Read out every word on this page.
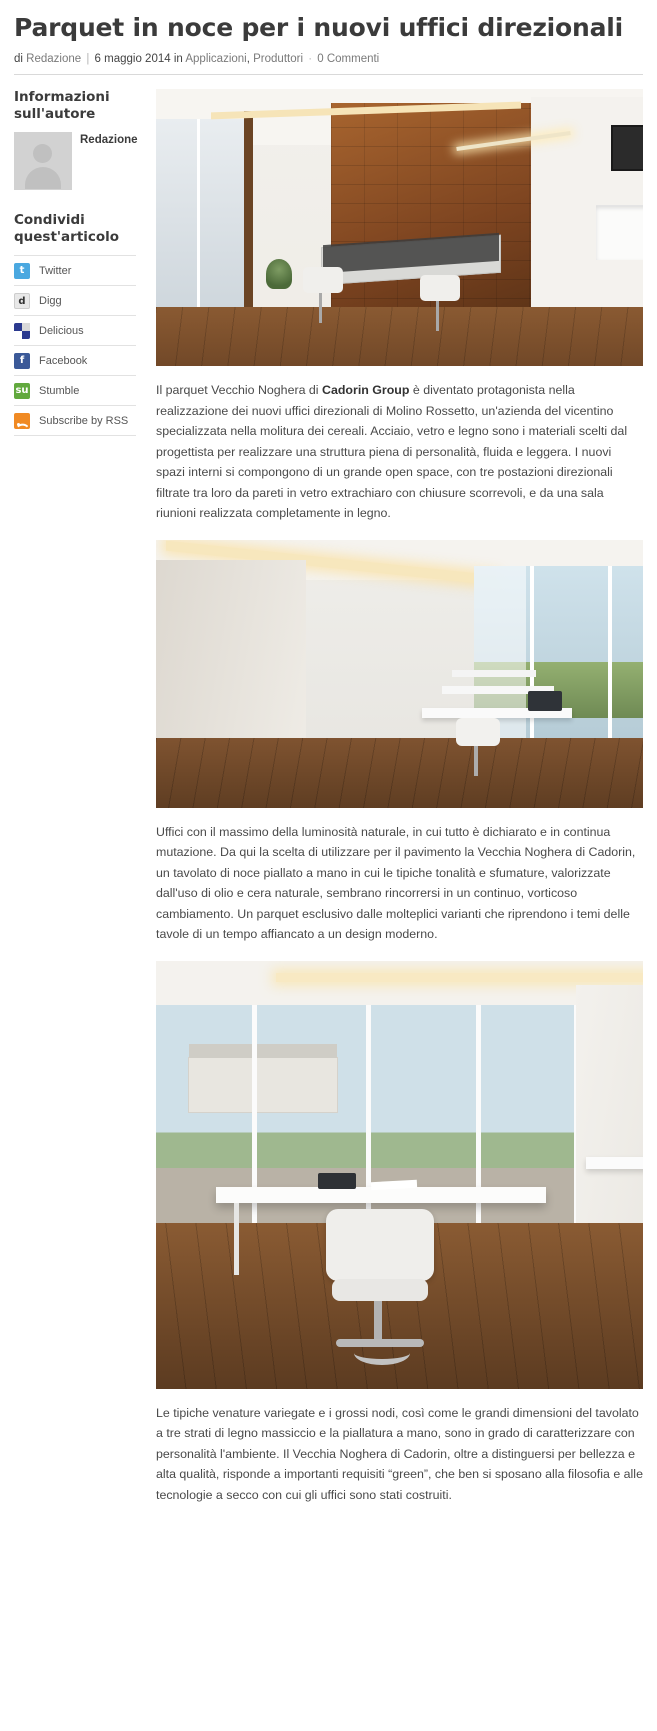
Parquet in noce per i nuovi uffici direzionali
di Redazione | 6 maggio 2014 in Applicazioni, Produttori · 0 Commenti
Informazioni sull'autore
Redazione
Condividi quest'articolo
t	Twitter
d	Digg
Delicious
f	Facebook
su Stumble
Subscribe by RSS

Il parquet Vecchio Noghera di Cadorin Group è diventato protagonista nella realizzazione dei nuovi uffici direzionali di Molino Rossetto, un'azienda del vicentino specializzata nella molitura dei cereali. Acciaio, vetro e legno sono i materiali scelti dal progettista per realizzare una struttura piena di personalità, fluida e leggera. I nuovi spazi interni si compongono di un grande open space, con tre postazioni direzionali filtrate tra loro da pareti in vetro extrachiaro con chiusure scorrevoli, e da una sala riunioni realizzata completamente in legno.

Uffici con il massimo della luminosità naturale, in cui tutto è dichiarato e in continua mutazione. Da qui la scelta di utilizzare per il pavimento la Vecchia Noghera di Cadorin, un tavolato di noce piallato a mano in cui le tipiche tonalità e sfumature, valorizzate dall'uso di olio e cera naturale, sembrano rincorrersi in un continuo, vorticoso cambiamento. Un parquet esclusivo dalle molteplici varianti che riprendono i temi delle tavole di un tempo affiancato a un design moderno.

Le tipiche venature variegate e i grossi nodi, così come le grandi dimensioni del tavolato a tre strati di legno massiccio e la piallatura a mano, sono in grado di caratterizzare con personalità l'ambiente. Il Vecchia Noghera di Cadorin, oltre a distinguersi per bellezza e alta qualità, risponde a importanti requisiti “green”, che ben si sposano alla filosofia e alle tecnologie a secco con cui gli uffici sono stati costruiti.
